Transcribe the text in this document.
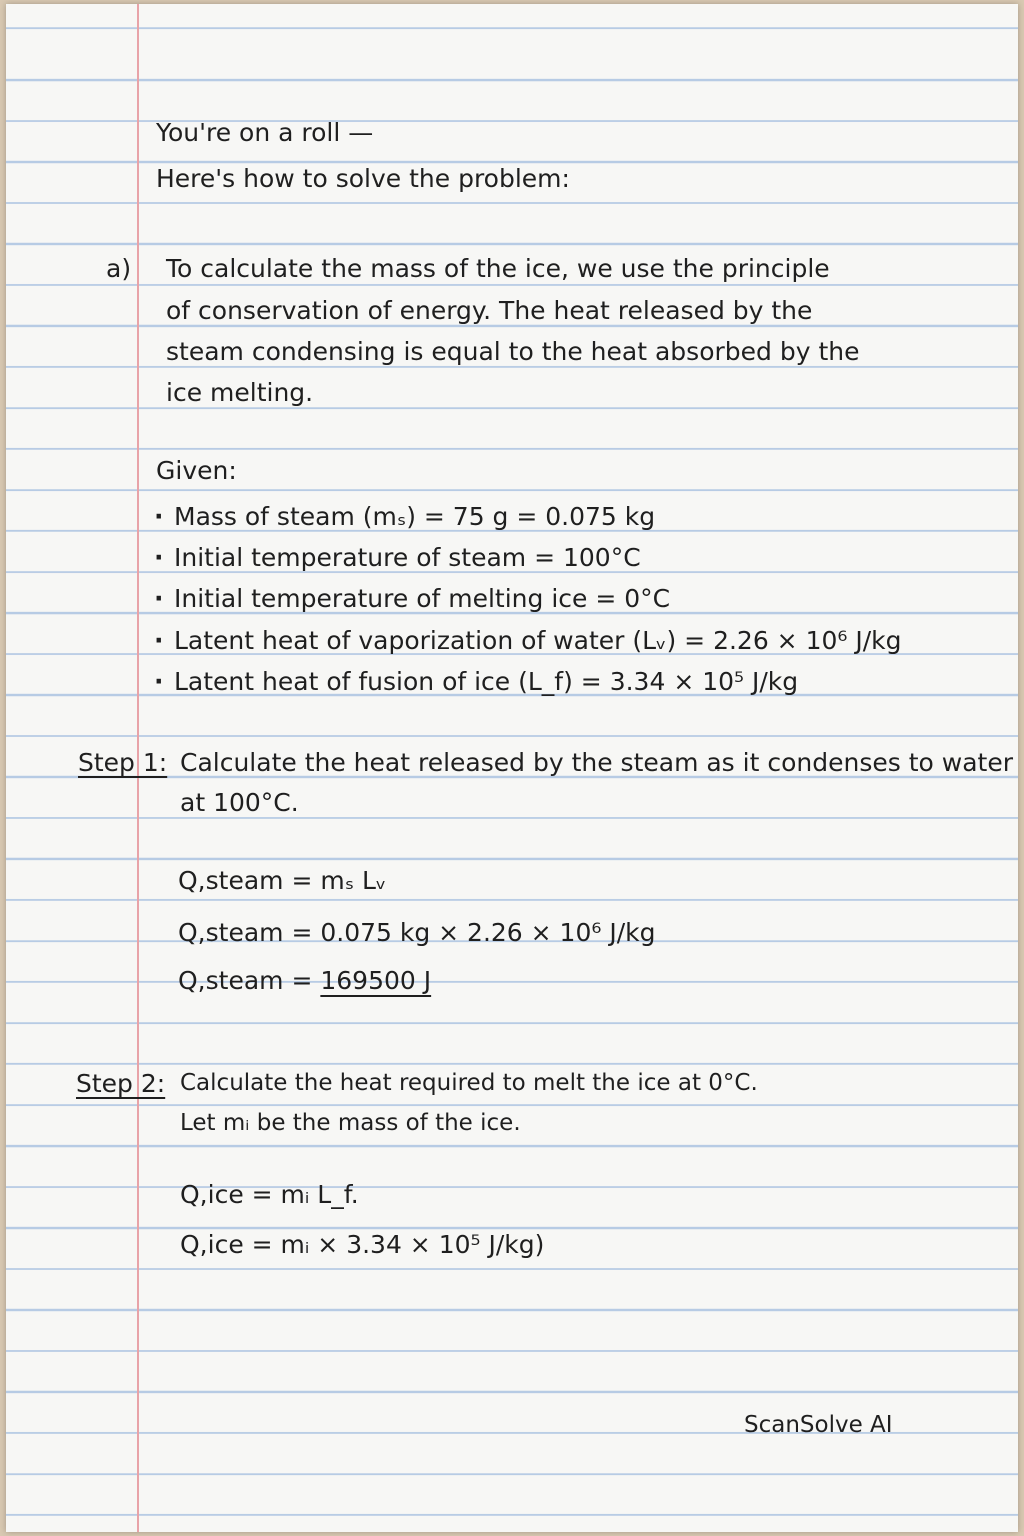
You're on a roll —
Here's how to solve the problem:
a) To calculate the mass of the ice, we use the principle
of conservation of energy. The heat released by the
steam condensing is equal to the heat absorbed by the
ice melting.
Given:
· Mass of steam (mₛ) = 75 g = 0.075 kg
· Initial temperature of steam = 100°C
· Initial temperature of melting ice = 0°C
· Latent heat of vaporization of water (Lᵥ) = 2.26 × 10⁶ J/kg
· Latent heat of fusion of ice (L_f) = 3.34 × 10⁵ J/kg
Step 1: Calculate the heat released by the steam as it condenses to water
at 100°C.
Q,steam = mₛ Lᵥ
Q,steam = 0.075 kg × 2.26 × 10⁶ J/kg
Q,steam = 169500 J
Step 2: Calculate the heat required to melt the ice at 0°C.
Let mᵢ be the mass of the ice.
Q,ice = mᵢ L_f.
Q,ice = mᵢ × 3.34 × 10⁵ J/kg)
ScanSolve AI
